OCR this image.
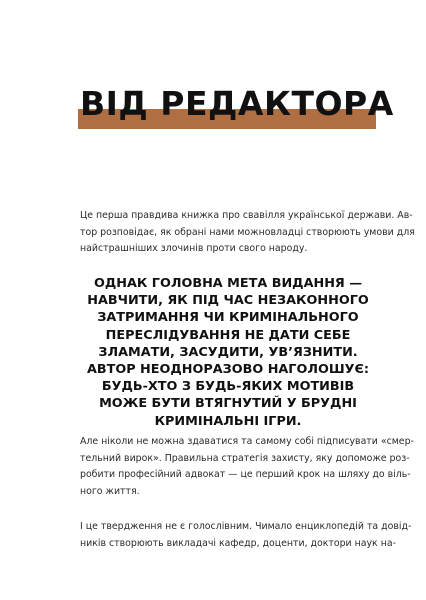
ВІД РЕДАКТОРА
Це перша правдива книжка про свавілля української держави. Ав-
тор розповідає, як обрані нами можновладці створюють умови для
найстрашніших злочинів проти свого народу.
ОДНАК ГОЛОВНА МЕТА ВИДАННЯ —
НАВЧИТИ, ЯК ПІД ЧАС НЕЗАКОННОГО
ЗАТРИМАННЯ ЧИ КРИМІНАЛЬНОГО
ПЕРЕСЛІДУВАННЯ НЕ ДАТИ СЕБЕ
ЗЛАМАТИ, ЗАСУДИТИ, УВ’ЯЗНИТИ.
АВТОР НЕОДНОРАЗОВО НАГОЛОШУЄ:
БУДЬ-ХТО З БУДЬ-ЯКИХ МОТИВІВ
МОЖЕ БУТИ ВТЯГНУТИЙ У БРУДНІ
КРИМІНАЛЬНІ ІГРИ.
Але ніколи не можна здаватися та самому собі підписувати «смер-
тельний вирок». Правильна стратегія захисту, яку допоможе роз-
робити професійний адвокат — це перший крок на шляху до віль-
ного життя.
І це твердження не є голослівним. Чимало енциклопедій та довід-
ників створюють викладачі кафедр, доценти, доктори наук на-
